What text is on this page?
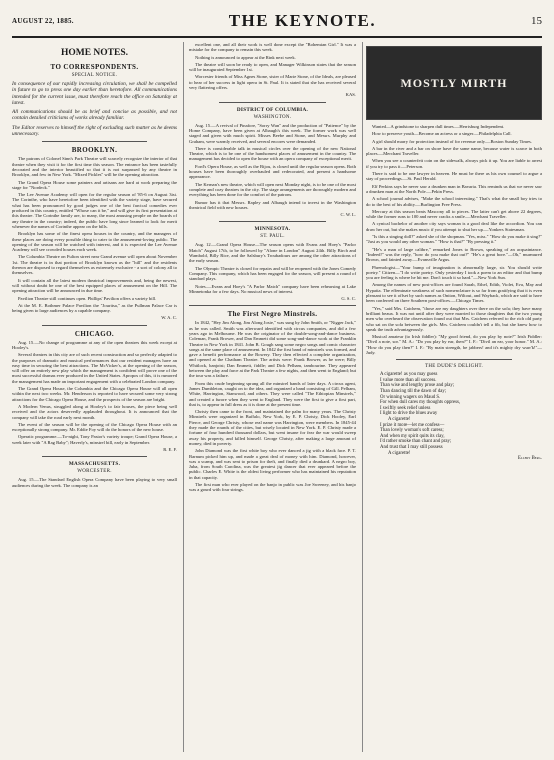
AUGUST 22, 1885.	THE KEYNOTE.	15
HOME NOTES.
TO CORRESPONDENTS.
SPECIAL NOTICE.
In consequence of our rapidly increasing circulation, we shall be compelled in future to go to press one day earlier than heretofore. All communications intended for the current issue, must therefore reach the office on Saturday at latest.
All communications should be as brief and concise as possible, and not contain detailed criticisms of works already familiar.
The Editor reserves to himself the right of excluding such matter as he deems unnecessary.
BROOKLYN.

The patrons of Colonel Sinn's Park Theatre will scarcely recognize the interior of that theatre when they visit it for the first time this season. The entrance has been tastefully decorated and the interior beautified so that it is not surpassed by any theatre in Brooklyn, and few in New York. "Mixed Pickles" will be the opening attraction.

The Grand Opera House some painters and artisans are hard at work preparing the stage for "Nordeck."

The Lee Avenue Academy will open for the regular season of '85-6 on August 3ist. The Corinthe, who have heretofore been identified with the variety stage, have secured what has been pronounced by good judges one of the best farcical comedies ever produced in this country, entitled "Whose can it be," and will give its first presentation at this theatre. The Corinthe family are, to many, the most amusing people on the boards of any theatre in the country; indeed, the public have long since learned to look for merit whenever the names of Corinthe appear on the bills.

Brooklyn has some of the finest opera houses in the country, and the managers of these places are doing every possible thing to cater to the amusement-loving public. The opening of the season will be watched with interest, and it is expected the Lee Avenue Academy will see crowded houses each week.

The Columbia Theatre on Fulton street near Grand avenue will open about November 1st. The theatre is in that portion of Brooklyn known as the "hill" and the residents thereon are disposed to regard themselves as extremely exclusive - a sort of colony all to themselves.

It will contain all the latest modern theatrical improvements and, being the newest, will without doubt be one of the best equipped places of amusement on the Hill. The opening attraction will be announced in due time.

Pavilion Theatre still continues open. Phillips' Pavilion offers a variety bill.

At the M. E. Bothmer Palace Pavilion the "Jouritsa," as the Pullman Palace Car is being given to large audiences by a capable company.

W. A. C.
CHICAGO.

Aug. 15.—No change of programme at any of the open theatres this week except at Hooley's.

Several theatres in this city are of such recent construction and so perfectly adapted to the purposes of dramatic and musical performances that our resident managers have an easy time in securing the best attractions. The McVicker's, at the opening of the season, will offer an entirely new play which the management is confident will prove one of the most successful dramas ever produced in the United States. Apropos of this, it is rumored the management has made an important engagement with a celebrated London company.

The Grand Opera House, the Columbia and the Chicago Opera House will all open within the next two weeks. Mr. Henderson is reported to have secured some very strong attractions for the Chicago Opera House, and the prospects of the season are bright.

A Modern Venus, struggled along at Hooley's to fair houses, the piece being well received and the actors deservedly applauded throughout. It is announced that the company will take the road early next month.

The event of the season will be the opening of the Chicago Opera House with an exceptionally strong company. Mr. Eddie Foy will do the honors of the new house.

Operatic programme.—To-night, Tony Pastor's variety troupe; Grand Opera House, a week later with "A Rag Baby"; Haverly's, minstrel bill, early in September.

R. E. F.
MASSACHUSETTS.
WORCESTER.

Aug. 15.—The Standard English Opera Company have been playing to very small audiences during the week. The company is an

excellent one, and all their work is well done except the "Bohemian Girl." It was a mistake for the company to remain this week.

Nothing is announced to appear at the Rink next week.

The theatre will soon be ready to open, and Manager Wilkinson states that the season will be inaugurated September 1st.

Worcester friends of Miss Agnes Stone, sister of Marie Stone, of the Ideals, are pleased to hear of her success in light opera in St. Paul. It is stated that she has received several very flattering offers.

KAS.
DISTRICT OF COLUMBIA.
WASHINGTON.

Aug. 15.—A revival of Pinafore, "Sorry Wan" and the production of "Patience" by the Home Company, have been given at Albaugh's this week. The former work was well staged and given with much spirit. Misses Beebe and Stone, and Messrs. Murphy and Graham, were warmly received, and several encores were demanded.

There is considerable talk in musical circles over the opening of the new National Theatre, which is to be one of the handsomest places of amusement in the country. The management has decided to open the house with an opera company of exceptional merit.

Ford's Opera House, as well as the Bijou, is closed until the regular season opens. Both houses have been thoroughly overhauled and redecorated, and present a handsome appearance.

The Kernan's new theatre, which will open next Monday night, is to be one of the most complete and cozy theatres in the city. The stage arrangements are thoroughly modern and everything has been done for the comfort of the patrons.

Rumor has it that Messrs. Rapley and Albaugh intend to invest in the Washington theatrical field with new houses.

C. W. L.
MINNESOTA.
ST. PAUL.

Aug. 12.—Grand Opera House—The season opens with Evans and Hoey's "Parlor Match" August 17th, to be followed by "Alone in London" August 24th. Billy Birch and Wambold, Billy Rice, and the Salsbury's Troubadours are among the other attractions of the early season.

The Olympic Theatre is closed for repairs and will be reopened with the Jones Comedy Company. This company, which has been engaged for the season, will present a round of standard plays.

Notes.—Evans and Hoey's "A Parlor Match" company have been rehearsing at Lake Minnetonka for a few days. No musical news of interest.

G. S. C.
The First Negro Minstrels.

In 1842, "Hey Jim Along, Jim Along Josie," was sung by John Smith, or "Nigger Jack," as he was called. Smith was afterward identified with circus companies, and did a few years ago in Melbourne. He was the originator of the double-song-and-dance business. Coleman, Frank Brower, and Dan Emmett did some song-and-dance work at the Franklin Theatre in New York in 1841. John B. Gough sang some negro songs and comic character songs at the same place of amusement. In 1842 the first band of minstrels was formed, and gave a benefit performance at the Bowery. They then effected a complete organization, and opened at the Chatham Theatre. The artists were: Frank Brower, as he were; Billy Whitlock, banjoist; Dan Emmett, fiddle; and Dick Pelham, tambourine. They appeared between the play and farce at the Park Theatre a few nights, and then went to England; but the tour was a failure.

From this crude beginning sprang all the minstrel bands of later days. A circus agent, James Dumbleton, caught on to the idea, and organized a band consisting of Gill. Pelham, White, Harrington, Stanwood, and others. They were called "The Ethiopian Minstrels," and created a furore when they went to England. They were the first to give a first part, that is, to appear in full dress as it is done at the present time.

Christy then came to the front, and maintained the palm for many years. The Christy Minstrels were organized in Buffalo, New York, by E. P. Christy, Dick Hooley, Earl Pierce, and George Christy, whose real name was Harrington, were members. In 1845-44 they made the rounds of the cities, but wisely located in New York. E. P. Christy made a fortune of four hundred thousand dollars, but went insane for fear the war would sweep away his property, and killed himself. George Christy, after making a large amount of money, died in poverty.

John Diamond was the first white boy who ever danced a jig with a black face. P. T. Barnum picked him up, and made a great deal of money with him. Diamond, however, was a scamp, and was sent to prison for theft, and finally died a drunkard. A negro boy, Juba, from South Carolina, was the greatest jig dancer that ever appeared before the public. Charles E. White is the oldest living performer who has maintained his reputation in that capacity.

The first man who ever played on the banjo in public was Joe Sweeney, and his banjo was a gourd with four strings.

MOSTLY MIRTH

Wanted—A grindstone to sharpen dull times.—Herrisburg Independent.

How to preserve youth—Become an actress or a singer.—Philadelphia Call.

A girl should marry for protection instead of for revenue only.—Boston Sunday Times.

A bar in the river and a bar on shore have the same name, because water is scarce in both places.—Merchant Traveller.

When you see a counterfeit coin on the sidewalk, always pick it up. You are liable to arrest if you try to pass it.—Peterson.

There is said to be one lawyer in heaven. He must be there as his own counsel to argue a stay of proceedings.—St. Paul Herald.

Elf Perkins says he never saw a drunken man in Bavaria. This reminds us that we never saw a drunken man at the North Pole.—Pekin Press.

A school journal advises, "Make the school interesting." That's what the small boy tries to do to the best of his ability.—Burlington Free Press.

Mercury at this season beats Mascony all to pieces. The latter can't get above 22 degrees, while the former runs to 100 and never cracks a smile.—Merchant Traveller.

A cynical bachelor of another city says woman is a good deal like the accordion. You can draw her out, but she makes music if you attempt to shut her up.—Yonkers Statesman.

"Is this a singing doll?" asked she of the shopman. "Yes, miss." "How do you make it sing?" "Just as you would any other woman." "How is that?" "By pressing it."

"He's a man of large calibre," remarked Jones to Brown, speaking of an acquaintance. "Indeed!" was the reply, "how do you make that out?" "He's a great bore."—Oh," murmured Brown, and fainted away.—Evansville Argus.

Phrenologist—"Your bump of imagination is abnormally large, sir. You should write poetry." Citizen—"I do write poetry. Only yesterday I took a poem to an editor and that bump you are feeling is where he hit me. Don't touch it so hard."—New York Sun.

Among the names of new post-offices are found Sarah, Ethel, Edith, Violet, Eva, May and Hypatia. The effeminate weakness of such nomenclature is so far from gratifying that it is even pleasant to see it offset by such names as Oniton, Wiltout, and Wayback, which are said to have been conferred on three Southern post-offices.—Chicago Times.

"Yes," said Mrs. Catchem, "those are my daughters over there on the sofa; they have many brilliant beaux. It was not until after they were married to those daughters that the two young men who overheard the observation found out that Mrs. Catchem referred to the rich old party who sat on the sofa between the girls. Mrs. Catchem couldn't tell a fib, but she knew how to speak the truth advantageously.

Musical amateur (to Irish fiddler): "My good friend, do you play by note?" Irish Fiddler: "Divil a note, sor." M. A.: "Do you play by ear, then?" I. F.: "Divil an ear, yoor honor." M. A.: "How do you play then?" I. F.: "By main strength, be jabbers! and it's mighty dry wurr'k!"—Judy.

THE DUDE'S DELIGHT.
A cigarette! as you may guess
I value more than all success.
Than wise and lengthy prose and play;
Than dancing till the dawn of day;
Or winning wagers on Maud S.
For when dull cares my thoughts oppress,
I swiftly seek relief unless
I light to drive the blues away
A cigarette!
I prize it more—let me confess—
Than lovely woman's soft caress;
And when my spirit quits its clay,
I'd rather smoke than chant and pray;
And trust that I may still possess
A cigarette!
Ellery Berg.
